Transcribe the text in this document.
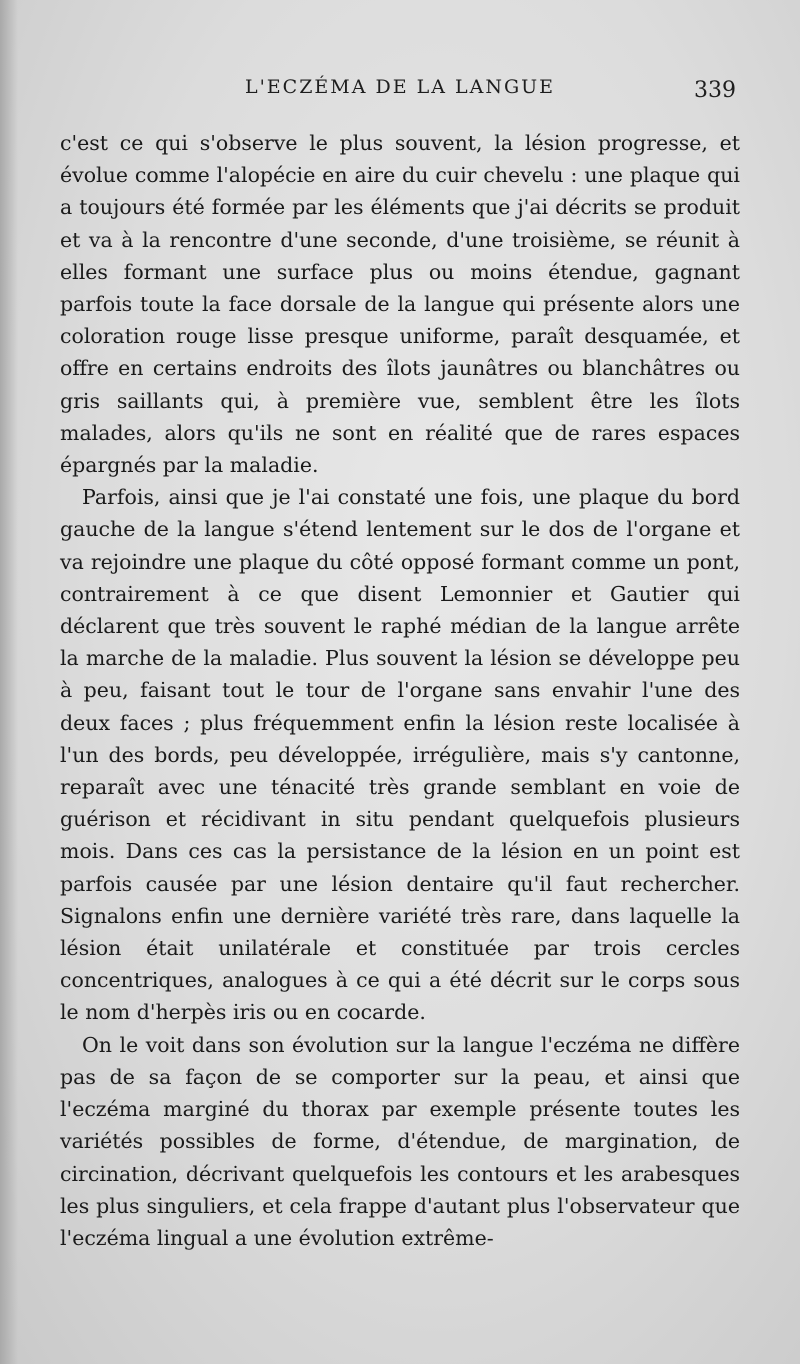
L'ECZÉMA DE LA LANGUE	339

c'est ce qui s'observe le plus souvent, la lésion progresse, et évolue comme l'alopécie en aire du cuir chevelu : une plaque qui a toujours été formée par les éléments que j'ai décrits se produit et va à la rencontre d'une seconde, d'une troisième, se réunit à elles formant une surface plus ou moins étendue, gagnant parfois toute la face dorsale de la langue qui présente alors une coloration rouge lisse presque uniforme, paraît desquamée, et offre en certains endroits des îlots jaunâtres ou blanchâtres ou gris saillants qui, à première vue, semblent être les îlots malades, alors qu'ils ne sont en réalité que de rares espaces épargnés par la maladie.

Parfois, ainsi que je l'ai constaté une fois, une plaque du bord gauche de la langue s'étend lentement sur le dos de l'organe et va rejoindre une plaque du côté opposé formant comme un pont, contrairement à ce que disent Lemonnier et Gautier qui déclarent que très souvent le raphé médian de la langue arrête la marche de la maladie. Plus souvent la lésion se développe peu à peu, faisant tout le tour de l'organe sans envahir l'une des deux faces ; plus fréquemment enfin la lésion reste localisée à l'un des bords, peu développée, irrégulière, mais s'y cantonne, reparaît avec une ténacité très grande semblant en voie de guérison et récidivant in situ pendant quelquefois plusieurs mois. Dans ces cas la persistance de la lésion en un point est parfois causée par une lésion dentaire qu'il faut rechercher. Signalons enfin une dernière variété très rare, dans laquelle la lésion était unilatérale et constituée par trois cercles concentriques, analogues à ce qui a été décrit sur le corps sous le nom d'herpès iris ou en cocarde.

On le voit dans son évolution sur la langue l'eczéma ne diffère pas de sa façon de se comporter sur la peau, et ainsi que l'eczéma marginé du thorax par exemple présente toutes les variétés possibles de forme, d'étendue, de margination, de circination, décrivant quelquefois les contours et les arabesques les plus singuliers, et cela frappe d'autant plus l'observateur que l'eczéma lingual a une évolution extrême-
